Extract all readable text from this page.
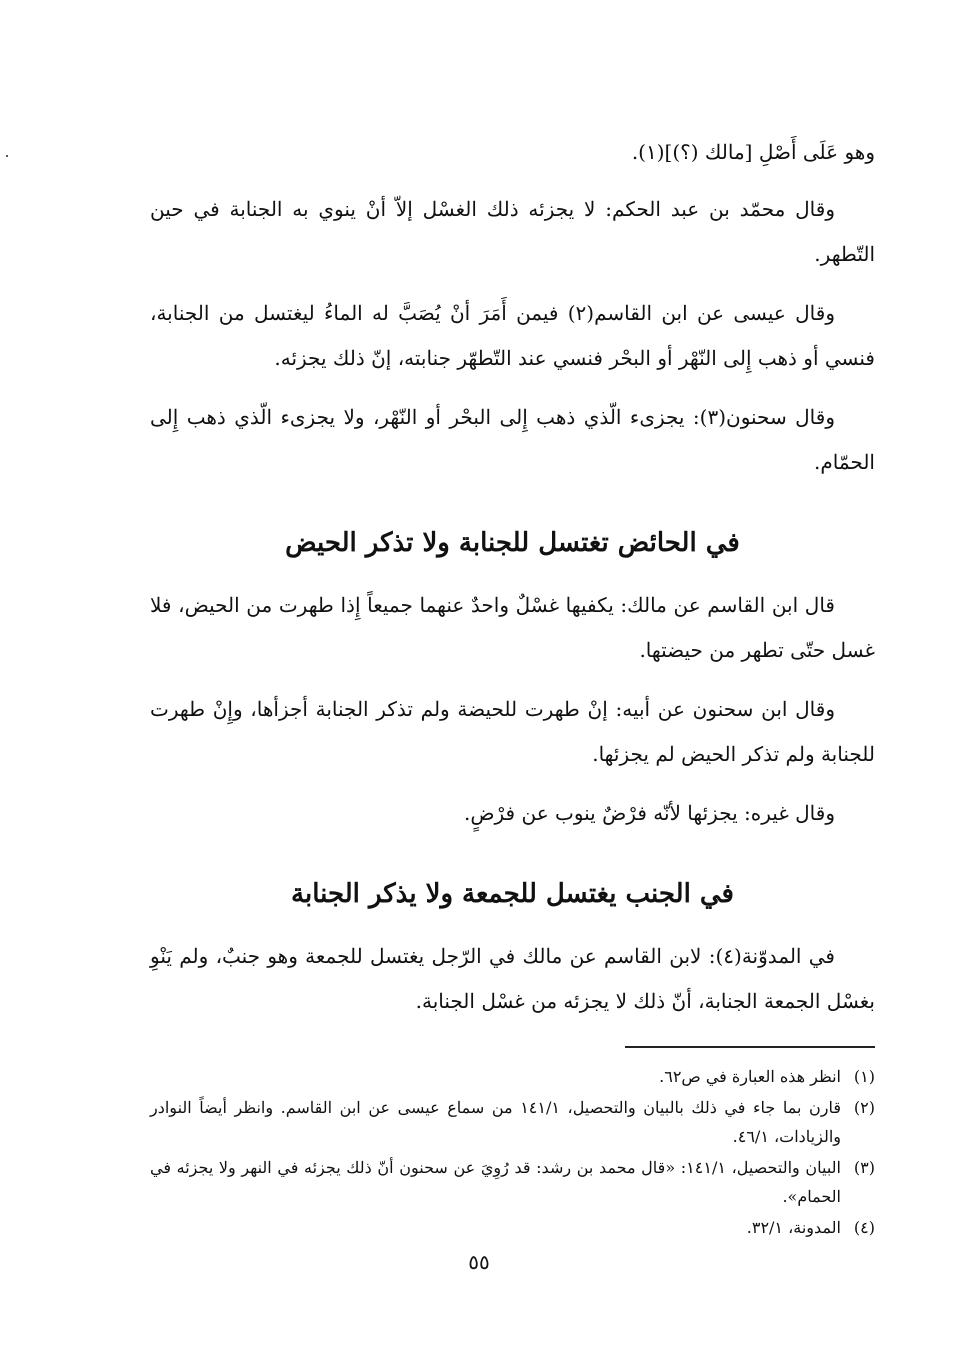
وهو عَلَى أَصْلِ [مالك (؟)](١).

وقال محمّد بن عبد الحكم: لا يجزئه ذلك الغسْل إلاّ أنْ ينوي به الجنابة في حين التّطهر.

وقال عيسى عن ابن القاسم(٢) فيمن أَمَرَ أنْ يُصَبَّ له الماءُ ليغتسل من الجنابة، فنسي أو ذهب إِلى النّهْر أو البحْر فنسي عند التّطهّر جنابته، إنّ ذلك يجزئه.

وقال سحنون(٣): يجزىء الّذي ذهب إِلى البحْر أو النّهْر، ولا يجزىء الّذي ذهب إِلى الحمّام.

في الحائض تغتسل للجنابة ولا تذكر الحيض

قال ابن القاسم عن مالك: يكفيها غسْلٌ واحدٌ عنهما جميعاً إِذا طهرت من الحيض، فلا غسل حتّى تطهر من حيضتها.

وقال ابن سحنون عن أبيه: إنْ طهرت للحيضة ولم تذكر الجنابة أجزأها، وإِنْ طهرت للجنابة ولم تذكر الحيض لم يجزئها.

وقال غيره: يجزئها لأنّه فرْضٌ ينوب عن فرْضٍ.

في الجنب يغتسل للجمعة ولا يذكر الجنابة

في المدوّنة(٤): لابن القاسم عن مالك في الرّجل يغتسل للجمعة وهو جنبٌ، ولم يَنْوِ بغسْل الجمعة الجنابة، أنّ ذلك لا يجزئه من غسْل الجنابة.

(١)
انظر هذه العبارة في ص٦٢.
(٢)
قارن بما جاء في ذلك بالبيان والتحصيل، ١٤١/١ من سماع عيسى عن ابن القاسم. وانظر أيضاً النوادر والزيادات، ٤٦/١.
(٣)
البيان والتحصيل، ١٤١/١: «قال محمد بن رشد: قد رُوِيَ عن سحنون أنّ ذلك يجزئه في النهر ولا يجزئه في الحمام».
(٤)
المدونة، ٣٢/١.
٥٥
